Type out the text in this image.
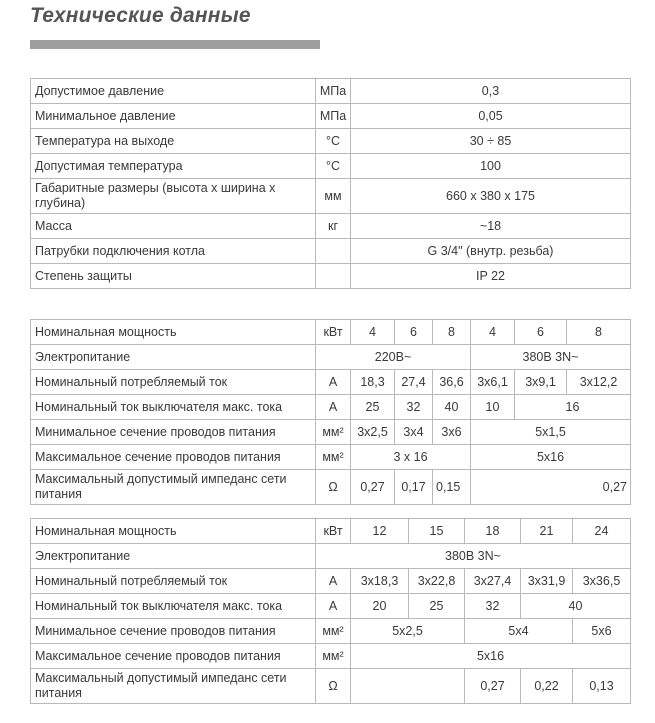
Технические данные
Допустимое давление	МПа	0,3
Минимальное давление	МПа	0,05
Температура на выходе	°C	30 ÷ 85
Допустимая температура	°C	100
Габаритные размеры (высота х ширина х глубина)	мм	660 х 380 х 175
Масса	кг	~18
Патрубки подключения котла		G 3/4" (внутр. резьба)
Степень защиты		IP 22
Номинальная мощность	кВт	4	6	8	4	6	8
Электропитание	220В~				380В 3N~		
Номинальный потребляемый ток	А	18,3	27,4	36,6	3х6,1	3х9,1	3х12,2
Номинальный ток выключателя макс. тока	А	25	32	40	10	16	
Минимальное сечение проводов питания	мм²	3х2,5	3х4	3х6	5х1,5		
Максимальное сечение проводов питания	мм²	3 х 16			5х16		
Максимальный допустимый импеданс сети питания	Ω	0,27	0,17	0,15	0,27		
Номинальная мощность	кВт	12	15	18	21	24
Электропитание	380В 3N~					
Номинальный потребляемый ток	А	3х18,3	3х22,8	3х27,4	3х31,9	3х36,5
Номинальный ток выключателя макс. тока	А	20	25	32	40	
Минимальное сечение проводов питания	мм²	5х2,5		5х4		5х6
Максимальное сечение проводов питания	мм²	5х16				
Максимальный допустимый импеданс сети питания	Ω			0,27	0,22	0,13
